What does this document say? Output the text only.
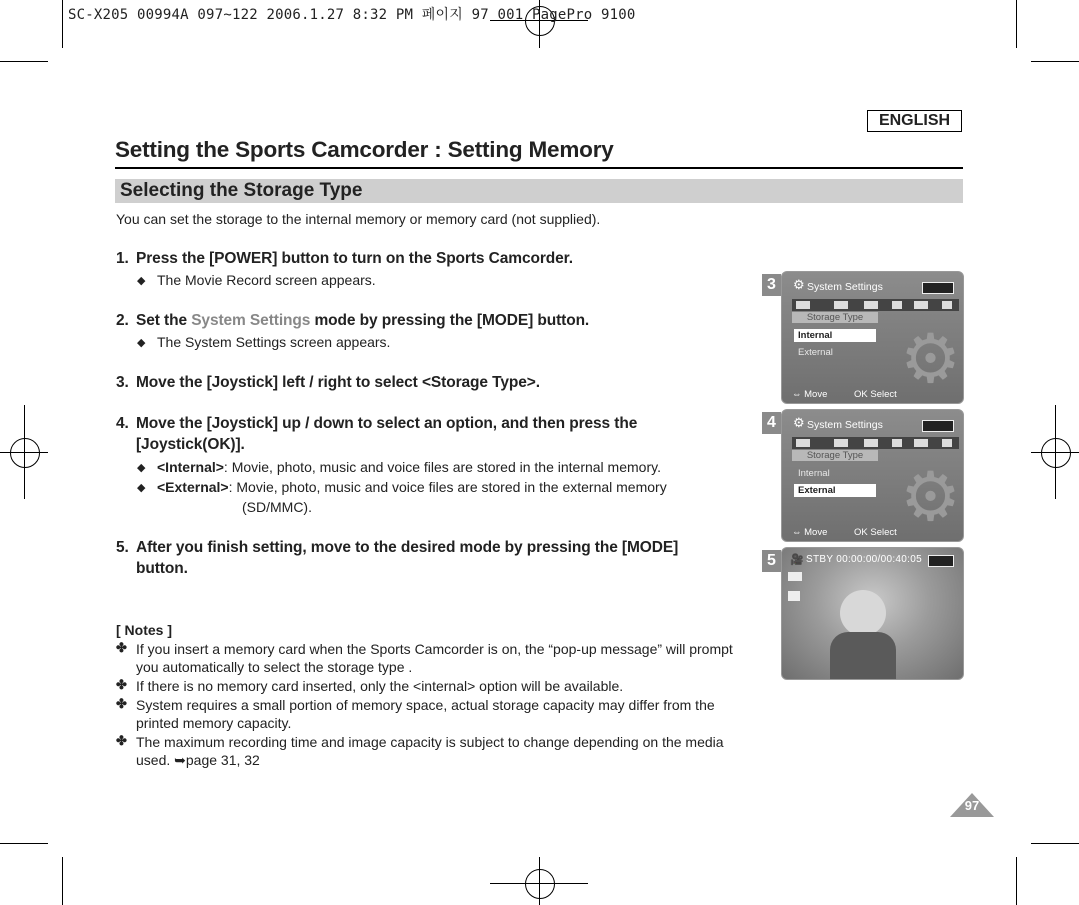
SC-X205 00994A 097~122 2006.1.27 8:32 PM 페이지 97 001 PagePro 9100
ENGLISH
Setting the Sports Camcorder : Setting Memory
Selecting the Storage Type
You can set the storage to the internal memory or memory card (not supplied).
1. Press the [POWER] button to turn on the Sports Camcorder.
◆ The Movie Record screen appears.
2. Set the System Settings mode by pressing the [MODE] button.
◆ The System Settings screen appears.
3. Move the [Joystick] left / right to select <Storage Type>.
4. Move the [Joystick] up / down to select an option, and then press the
[Joystick(OK)].
◆ <Internal>: Movie, photo, music and voice files are stored in the internal memory.
◆ <External>: Movie, photo, music and voice files are stored in the external memory
(SD/MMC).
5. After you finish setting, move to the desired mode by pressing the [MODE]
button.
[ Notes ]
✤ If you insert a memory card when the Sports Camcorder is on, the “pop-up message” will prompt you automatically to select the storage type .
✤ If there is no memory card inserted, only the <internal> option will be available.
✤ System requires a small portion of memory space, actual storage capacity may differ from the printed memory capacity.
✤ The maximum recording time and image capacity is subject to change depending on the media used. ➥page 31, 32
3
⚙
⚙ System Settings
Storage Type
Internal
External
⇔ Move	OK Select
4
⚙
⚙ System Settings
Storage Type
Internal
External
⇔ Move	OK Select
5	🎥 STBY 00:00:00/00:40:05
97
